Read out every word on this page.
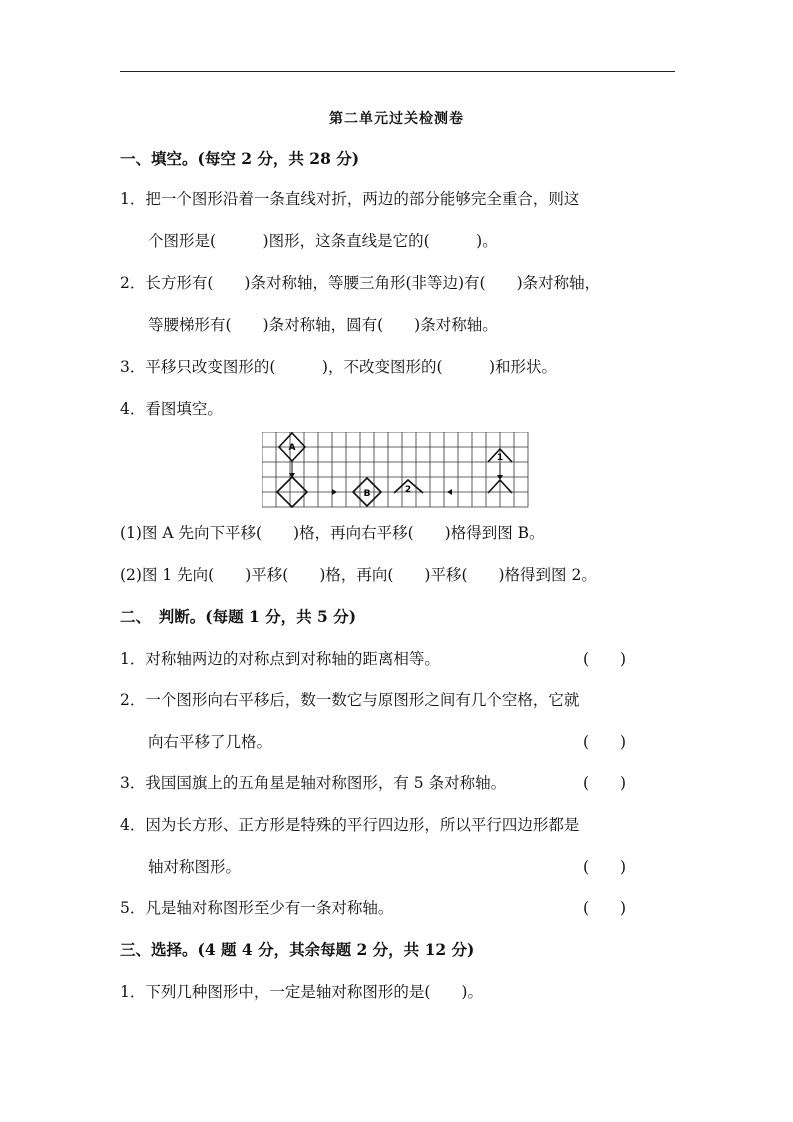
第二单元过关检测卷
一、填空。(每空 2 分，共 28 分)
1．把一个图形沿着一条直线对折，两边的部分能够完全重合，则这
个图形是(　　　)图形，这条直线是它的(　　　)。
2．长方形有(　　)条对称轴，等腰三角形(非等边)有(　　)条对称轴，
等腰梯形有(　　)条对称轴，圆有(　　)条对称轴。
3．平移只改变图形的(　　　)，不改变图形的(　　　)和形状。
4．看图填空。
A
B
1
2
(1)图 A 先向下平移(　　)格，再向右平移(　　)格得到图 B。
(2)图 1 先向(　　)平移(　　)格，再向(　　)平移(　　)格得到图 2。
二、　判断。(每题 1 分，共 5 分)
1．对称轴两边的对称点到对称轴的距离相等。	(　　)
2．一个图形向右平移后，数一数它与原图形之间有几个空格，它就
向右平移了几格。	(　　)
3．我国国旗上的五角星是轴对称图形，有 5 条对称轴。	(　　)
4．因为长方形、正方形是特殊的平行四边形，所以平行四边形都是
轴对称图形。	(　　)
5．凡是轴对称图形至少有一条对称轴。	(　　)
三、选择。(4 题 4 分，其余每题 2 分，共 12 分)
1．下列几种图形中，一定是轴对称图形的是(　　)。
